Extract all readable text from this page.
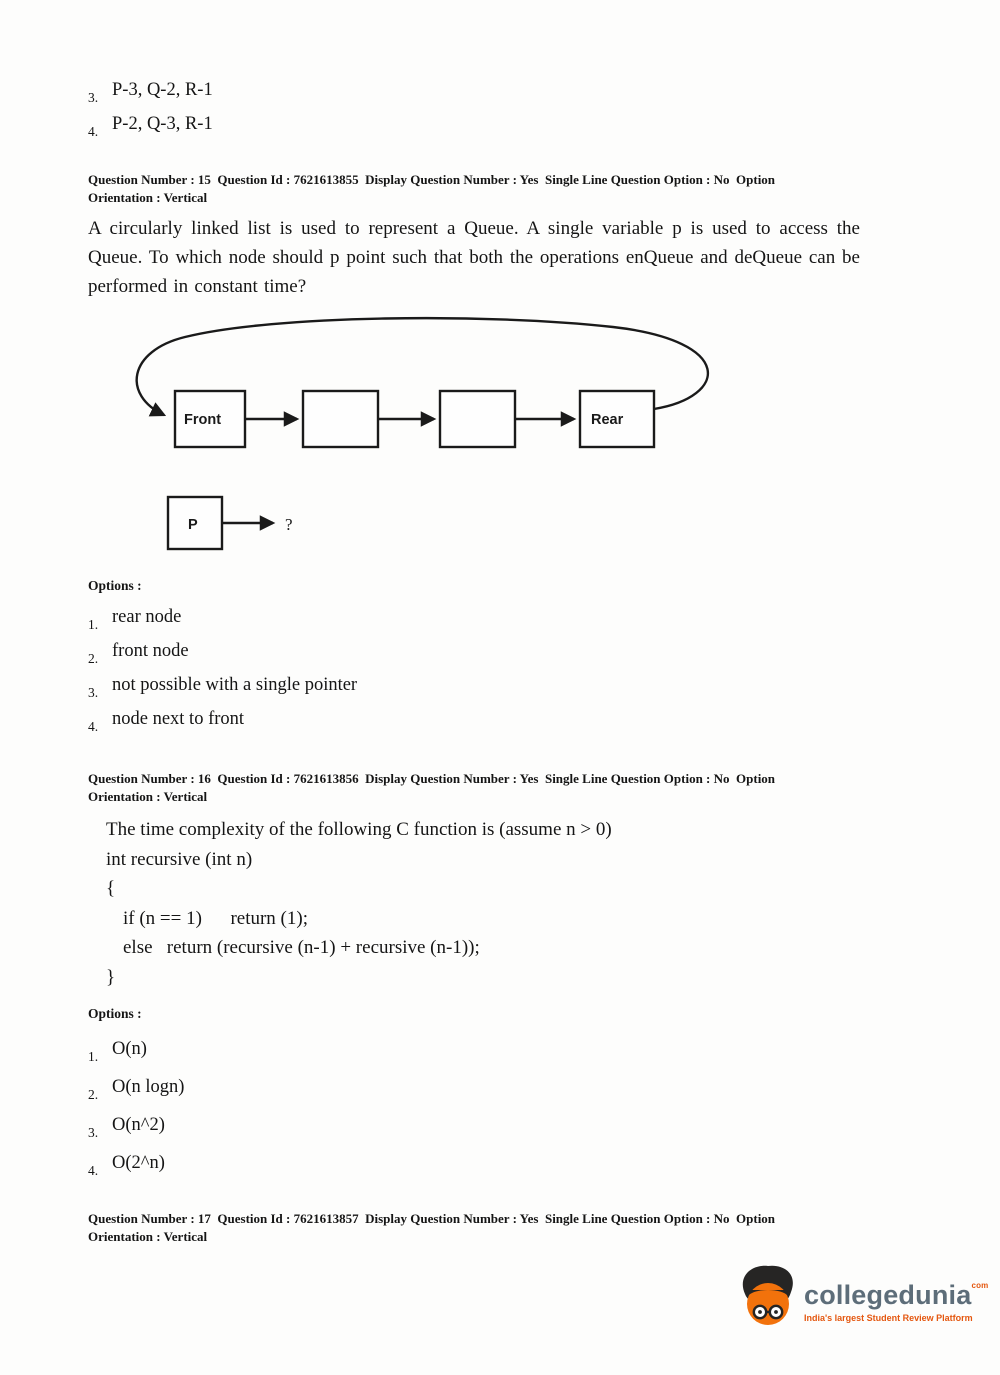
3. P-3, Q-2, R-1
4. P-2, Q-3, R-1

Question Number : 15  Question Id : 7621613855  Display Question Number : Yes  Single Line Question Option : No  Option
Orientation : Vertical

A circularly linked list is used to represent a Queue. A single variable p is used to access the Queue. To which node should p point such that both the operations enQueue and deQueue can be performed in constant time?

Front	Rear
P	?
Options :
1. rear node
2. front node
3. not possible with a single pointer
4. node next to front

Question Number : 16  Question Id : 7621613856  Display Question Number : Yes  Single Line Question Option : No  Option
Orientation : Vertical

The time complexity of the following C function is (assume n > 0)

int recursive (int n)

{

if (n == 1)      return (1);

else   return (recursive (n-1) + recursive (n-1));

}

Options :
1. O(n)
2. O(n logn)
3. O(n^2)
4. O(2^n)

Question Number : 17  Question Id : 7621613857  Display Question Number : Yes  Single Line Question Option : No  Option
Orientation : Vertical

collegeduniacom
India's largest Student Review Platform
